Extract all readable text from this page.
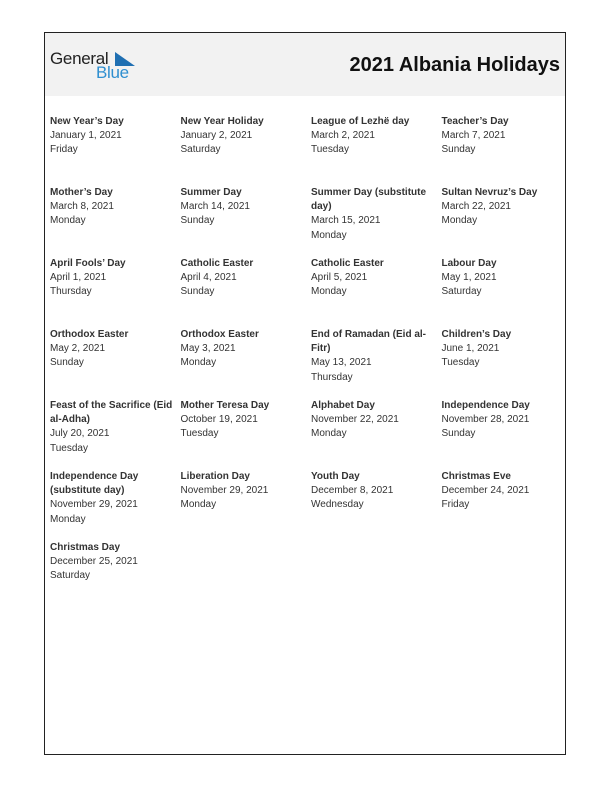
General
Blue	2021 Albania Holidays
New Year’s Day
January 1, 2021
Friday
New Year Holiday
January 2, 2021
Saturday
League of Lezhë day
March 2, 2021
Tuesday
Teacher’s Day
March 7, 2021
Sunday
Mother’s Day
March 8, 2021
Monday
Summer Day
March 14, 2021
Sunday
Summer Day (substitute day)
March 15, 2021
Monday
Sultan Nevruz’s Day
March 22, 2021
Monday
April Fools’ Day
April 1, 2021
Thursday
Catholic Easter
April 4, 2021
Sunday
Catholic Easter
April 5, 2021
Monday
Labour Day
May 1, 2021
Saturday
Orthodox Easter
May 2, 2021
Sunday
Orthodox Easter
May 3, 2021
Monday
End of Ramadan (Eid al-Fitr)
May 13, 2021
Thursday
Children’s Day
June 1, 2021
Tuesday
Feast of the Sacrifice (Eid al-Adha)
July 20, 2021
Tuesday
Mother Teresa Day
October 19, 2021
Tuesday
Alphabet Day
November 22, 2021
Monday
Independence Day
November 28, 2021
Sunday
Independence Day (substitute day)
November 29, 2021
Monday
Liberation Day
November 29, 2021
Monday
Youth Day
December 8, 2021
Wednesday
Christmas Eve
December 24, 2021
Friday
Christmas Day
December 25, 2021
Saturday
